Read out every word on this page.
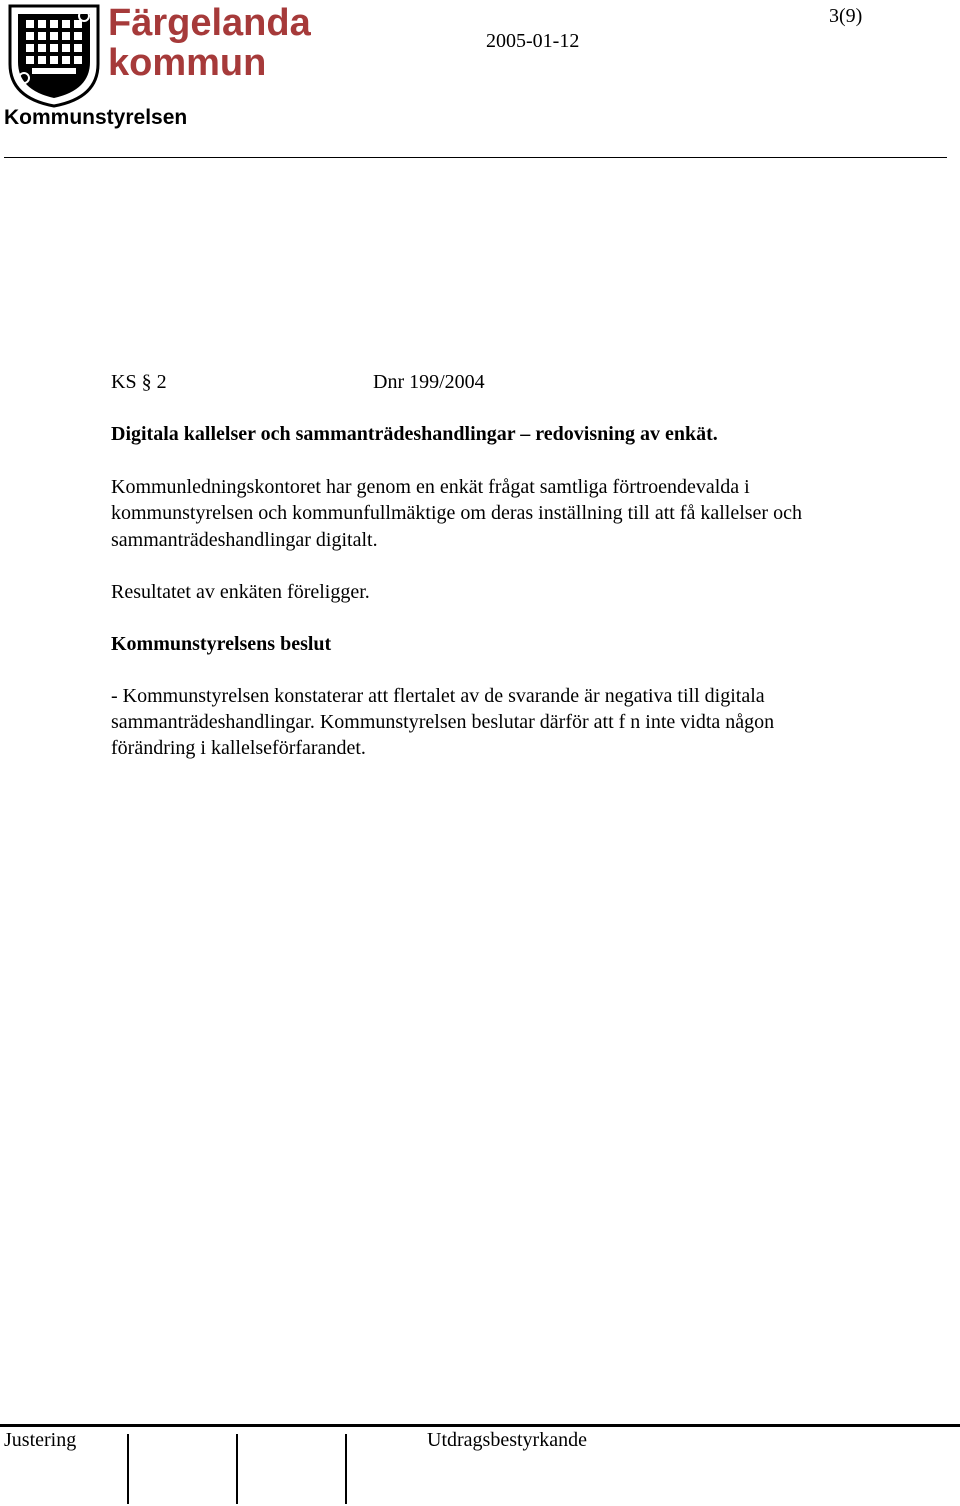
Färgelanda
kommun
Kommunstyrelsen
2005-01-12
3(9)
KS § 2	Dnr 199/2004
Digitala kallelser och sammanträdeshandlingar – redovisning av enkät.
Kommunledningskontoret har genom en enkät frågat samtliga förtroendevalda i
kommunstyrelsen och kommunfullmäktige om deras inställning till att få kallelser och
sammanträdeshandlingar digitalt.
Resultatet av enkäten föreligger.
Kommunstyrelsens beslut
- Kommunstyrelsen konstaterar att flertalet av de svarande är negativa till digitala
sammanträdeshandlingar. Kommunstyrelsen beslutar därför att f n inte vidta någon
förändring i kallelseförfarandet.
Justering	Utdragsbestyrkande
